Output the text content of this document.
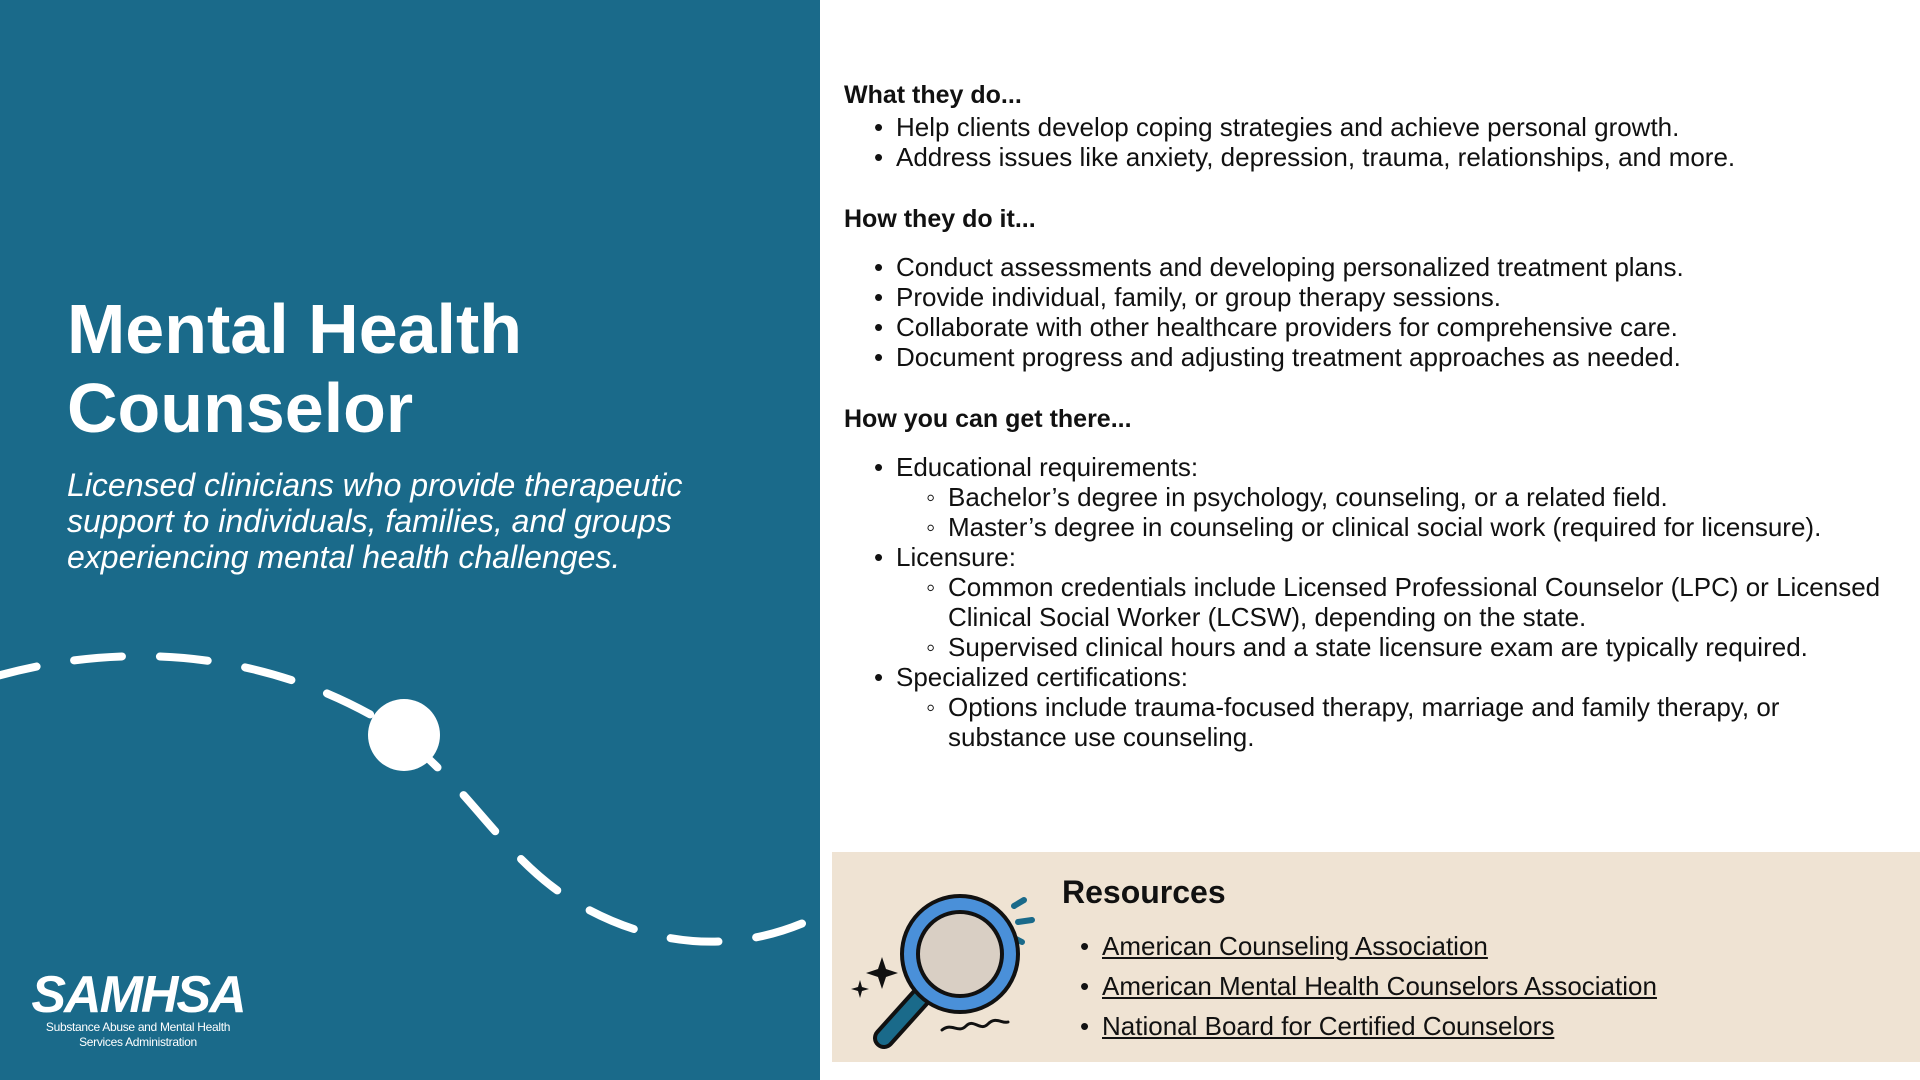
Mental Health
Counselor

Licensed clinicians who provide therapeutic
support to individuals, families, and groups
experiencing mental health challenges.

SAMHSA
Substance Abuse and Mental Health
Services Administration
What they do...
• Help clients develop coping strategies and achieve personal growth.
• Address issues like anxiety, depression, trauma, relationships, and more.
How they do it...
• Conduct assessments and developing personalized treatment plans.
• Provide individual, family, or group therapy sessions.
• Collaborate with other healthcare providers for comprehensive care.
• Document progress and adjusting treatment approaches as needed.
How you can get there...
• Educational requirements:
◦ Bachelor’s degree in psychology, counseling, or a related field.
◦ Master’s degree in counseling or clinical social work (required for licensure).
• Licensure:
◦ Common credentials include Licensed Professional Counselor (LPC) or Licensed Clinical Social Worker (LCSW), depending on the state.
◦ Supervised clinical hours and a state licensure exam are typically required.
• Specialized certifications:
◦ Options include trauma-focused therapy, marriage and family therapy, or substance use counseling.
Resources
• American Counseling Association
• American Mental Health Counselors Association
• National Board for Certified Counselors
